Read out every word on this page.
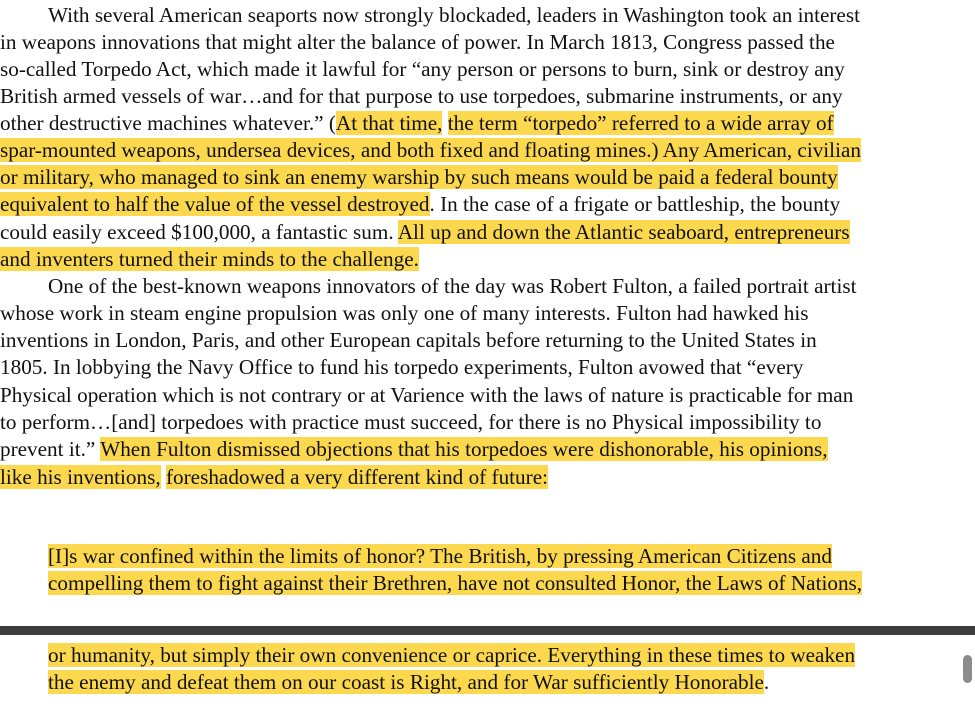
With several American seaports now strongly blockaded, leaders in Washington took an interest
in weapons innovations that might alter the balance of power. In March 1813, Congress passed the
so-called Torpedo Act, which made it lawful for “any person or persons to burn, sink or destroy any
British armed vessels of war…and for that purpose to use torpedoes, submarine instruments, or any
other destructive machines whatever.” (At that time, the term “torpedo” referred to a wide array of
spar-mounted weapons, undersea devices, and both fixed and floating mines.) Any American, civilian
or military, who managed to sink an enemy warship by such means would be paid a federal bounty
equivalent to half the value of the vessel destroyed. In the case of a frigate or battleship, the bounty
could easily exceed $100,000, a fantastic sum. All up and down the Atlantic seaboard, entrepreneurs
and inventers turned their minds to the challenge.
One of the best-known weapons innovators of the day was Robert Fulton, a failed portrait artist
whose work in steam engine propulsion was only one of many interests. Fulton had hawked his
inventions in London, Paris, and other European capitals before returning to the United States in
1805. In lobbying the Navy Office to fund his torpedo experiments, Fulton avowed that “every
Physical operation which is not contrary or at Varience with the laws of nature is practicable for man
to perform…[and] torpedoes with practice must succeed, for there is no Physical impossibility to
prevent it.” When Fulton dismissed objections that his torpedoes were dishonorable, his opinions,
like his inventions, foreshadowed a very different kind of future:
[I]s war confined within the limits of honor? The British, by pressing American Citizens and
compelling them to fight against their Brethren, have not consulted Honor, the Laws of Nations,
or humanity, but simply their own convenience or caprice. Everything in these times to weaken
the enemy and defeat them on our coast is Right, and for War sufficiently Honorable.
